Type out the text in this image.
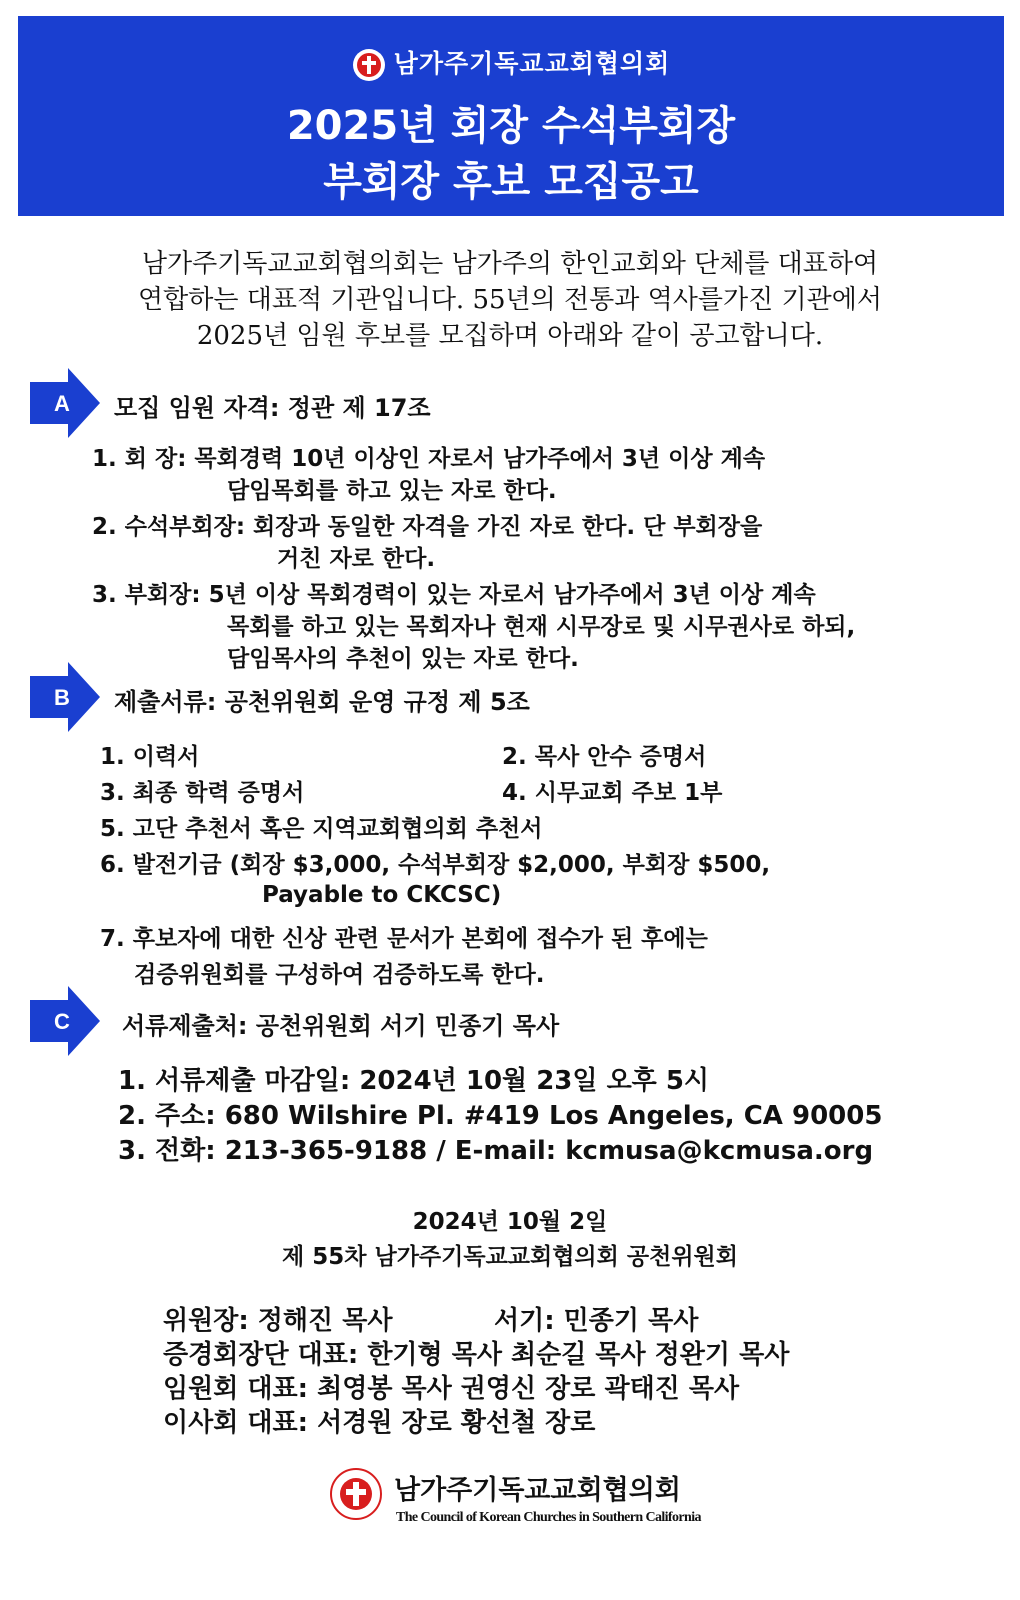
남가주기독교교회협의회
2025년 회장 수석부회장
부회장 후보 모집공고
남가주기독교교회협의회는 남가주의 한인교회와 단체를 대표하여
연합하는 대표적 기관입니다. 55년의 전통과 역사를가진 기관에서
2025년 임원 후보를 모집하며 아래와 같이 공고합니다.
A 모집 임원 자격: 정관 제 17조
1. 회 장: 목회경력 10년 이상인 자로서 남가주에서 3년 이상 계속
담임목회를 하고 있는 자로 한다.
2. 수석부회장: 회장과 동일한 자격을 가진 자로 한다. 단 부회장을
거친 자로 한다.
3. 부회장: 5년 이상 목회경력이 있는 자로서 남가주에서 3년 이상 계속
목회를 하고 있는 목회자나 현재 시무장로 및 시무권사로 하되,
담임목사의 추천이 있는 자로 한다.
B 제출서류: 공천위원회 운영 규정 제 5조
1. 이력서	2. 목사 안수 증명서
3. 최종 학력 증명서	4. 시무교회 주보 1부
5. 고단 추천서 혹은 지역교회협의회 추천서
6. 발전기금 (회장 $3,000, 수석부회장 $2,000, 부회장 $500,
Payable to CKCSC)
7. 후보자에 대한 신상 관련 문서가 본회에 접수가 된 후에는
검증위원회를 구성하여 검증하도록 한다.
C 서류제출처: 공천위원회 서기 민종기 목사
1. 서류제출 마감일: 2024년 10월 23일 오후 5시
2. 주소: 680 Wilshire Pl. #419 Los Angeles, CA 90005
3. 전화: 213-365-9188 / E-mail: kcmusa@kcmusa.org
2024년 10월 2일
제 55차 남가주기독교교회협의회 공천위원회
위원장: 정해진 목사	서기: 민종기 목사
증경회장단 대표: 한기형 목사 최순길 목사 정완기 목사
임원회 대표: 최영봉 목사 권영신 장로 곽태진 목사
이사회 대표: 서경원 장로 황선철 장로
남가주기독교교회협의회
The Council of Korean Churches in Southern California
